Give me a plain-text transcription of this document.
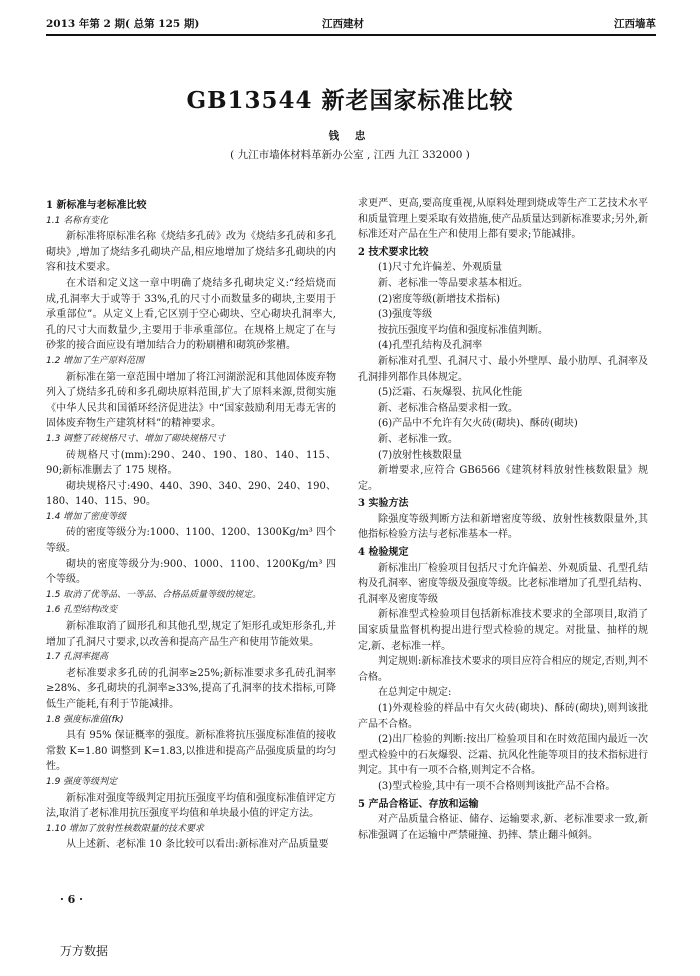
2013 年第 2 期( 总第 125 期)	江西建材	江西墙革
GB13544 新老国家标准比较
钱 忠
( 九江市墙体材料革新办公室 , 江西 九江 332000 )

1 新标准与老标准比较

1.1 名称有变化

新标准将原标准名称《烧结多孔砖》改为《烧结多孔砖和多孔砌块》,增加了烧结多孔砌块产品,相应地增加了烧结多孔砌块的内容和技术要求。

在术语和定义这一章中明确了烧结多孔砌块定义:“经焙烧而成,孔洞率大于或等于 33%,孔的尺寸小而数量多的砌块,主要用于承重部位”。从定义上看,它区别于空心砌块、空心砌块孔洞率大,孔的尺寸大而数量少,主要用于非承重部位。在规格上规定了在与砂浆的接合面应设有增加结合力的粉刷槽和砌筑砂浆槽。

1.2 增加了生产原料范围

新标准在第一章范围中增加了将江河湖淤泥和其他固体废弃物列入了烧结多孔砖和多孔砌块原料范围,扩大了原料来源,贯彻实施《中华人民共和国循环经济促进法》中“国家鼓励利用无毒无害的固体废弃物生产建筑材料”的精神要求。

1.3 调整了砖规格尺寸、增加了砌块规格尺寸

砖规格尺寸(mm):290、240、190、180、140、115、90;新标准删去了 175 规格。

砌块规格尺寸:490、440、390、340、290、240、190、180、140、115、90。

1.4 增加了密度等级

砖的密度等级分为:1000、1100、1200、1300Kg/m³ 四个等级。

砌块的密度等级分为:900、1000、1100、1200Kg/m³ 四个等级。

1.5 取消了优等品、一等品、合格品质量等级的规定。

1.6 孔型结构改变

新标准取消了圆形孔和其他孔型,规定了矩形孔或矩形条孔,并增加了孔洞尺寸要求,以改善和提高产品生产和使用节能效果。

1.7 孔洞率提高

老标准要求多孔砖的孔洞率≥25%;新标准要求多孔砖孔洞率≥28%、多孔砌块的孔洞率≥33%,提高了孔洞率的技术指标,可降低生产能耗,有利于节能减排。

1.8 强度标准值(fk)

具有 95% 保证概率的强度。新标准将抗压强度标准值的接收常数 K=1.80 调整到 K=1.83,以推进和提高产品强度质量的均匀性。

1.9 强度等级判定

新标准对强度等级判定用抗压强度平均值和强度标准值评定方法,取消了老标准用抗压强度平均值和单块最小值的评定方法。

1.10 增加了放射性核数限量的技术要求

从上述新、老标准 10 条比较可以看出:新标准对产品质量要

求更严、更高,要高度重视,从原料处理到烧成等生产工艺技术水平和质量管理上要采取有效措施,使产品质量达到新标准要求;另外,新标准还对产品在生产和使用上都有要求;节能减排。

2 技术要求比较

(1)尺寸允许偏差、外观质量

新、老标准一等品要求基本相近。

(2)密度等级(新增技术指标)

(3)强度等级

按抗压强度平均值和强度标准值判断。

(4)孔型孔结构及孔洞率

新标准对孔型、孔洞尺寸、最小外壁厚、最小肋厚、孔洞率及孔洞排列都作具体规定。

(5)泛霜、石灰爆裂、抗风化性能

新、老标准合格品要求相一致。

(6)产品中不允许有欠火砖(砌块)、酥砖(砌块)

新、老标准一致。

(7)放射性核数限量

新增要求,应符合 GB6566《建筑材料放射性核数限量》规定。

3 实验方法

除强度等级判断方法和新增密度等级、放射性核数限量外,其他指标检验方法与老标准基本一样。

4 检验规定

新标准出厂检验项目包括尺寸允许偏差、外观质量、孔型孔结构及孔洞率、密度等级及强度等级。比老标准增加了孔型孔结构、孔洞率及密度等级

新标准型式检验项目包括新标准技术要求的全部项目,取消了国家质量监督机构提出进行型式检验的规定。对批量、抽样的规定,新、老标准一样。

判定规则:新标准技术要求的项目应符合相应的规定,否则,判不合格。

在总判定中规定:

(1)外观检验的样品中有欠火砖(砌块)、酥砖(砌块),则判该批产品不合格。

(2)出厂检验的判断:按出厂检验项目和在时效范围内最近一次型式检验中的石灰爆裂、泛霜、抗风化性能等项目的技术指标进行判定。其中有一项不合格,则判定不合格。

(3)型式检验,其中有一项不合格则判该批产品不合格。

5 产品合格证、存放和运输

对产品质量合格证、储存、运输要求,新、老标准要求一致,新标准强调了在运输中严禁碰撞、扔摔、禁止翻斗倾斜。

· 6 ·
万方数据
